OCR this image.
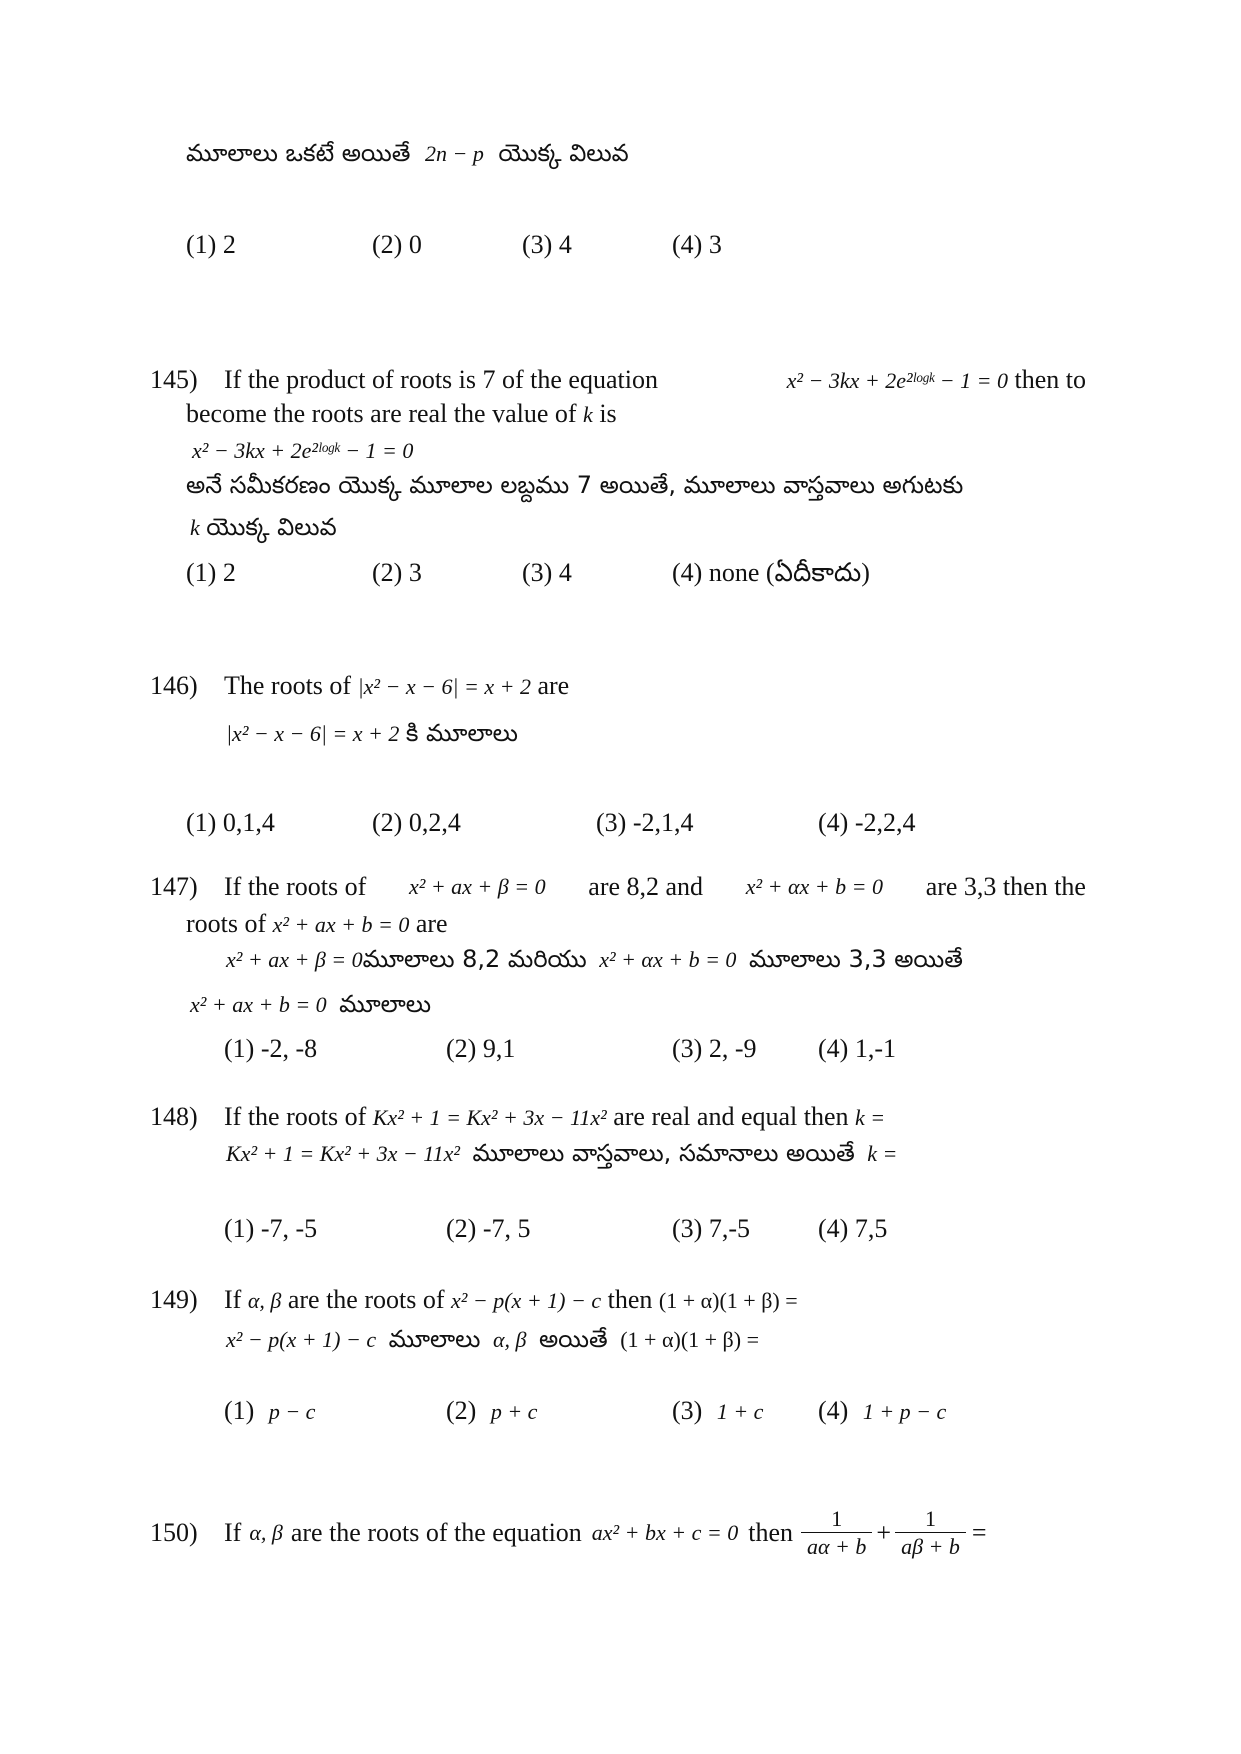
మూలాలు ఒకటే అయితే 2n − p యొక్క విలువ
(1) 2	(2) 0	(3) 4	(4) 3
145) If the product of roots is 7 of the equation	x² − 3kx + 2e²ˡᵒᵍᵏ − 1 = 0 then to
become the roots are real the value of k is
x² − 3kx + 2e²ˡᵒᵍᵏ − 1 = 0
అనే సమీకరణం యొక్క మూలాల లబ్దము 7 అయితే, మూలాలు వాస్తవాలు అగుటకు
k యొక్క విలువ
(1) 2	(2) 3	(3) 4	(4) none (ఏదీకాదు)
146) The roots of |x² − x − 6| = x + 2 are
|x² − x − 6| = x + 2 కి మూలాలు
(1) 0,1,4	(2) 0,2,4	(3) -2,1,4	(4) -2,2,4
147) If the roots of x² + ax + β = 0 are 8,2 and x² + αx + b = 0 are 3,3 then the
roots of x² + ax + b = 0 are
x² + ax + β = 0మూలాలు 8,2 మరియు x² + αx + b = 0 మూలాలు 3,3 అయితే
x² + ax + b = 0 మూలాలు
(1) -2, -8	(2) 9,1	(3) 2, -9 (4) 1,-1
148) If the roots of Kx² + 1 = Kx² + 3x − 11x² are real and equal then k =
Kx² + 1 = Kx² + 3x − 11x² మూలాలు వాస్తవాలు, సమానాలు అయితే k =
(1) -7, -5	(2) -7, 5	(3) 7,-5	(4) 7,5
149) If α, β are the roots of x² − p(x + 1) − c then (1 + α)(1 + β) =
x² − p(x + 1) − c మూలాలు α, β అయితే (1 + α)(1 + β) =
(1) p − c	(2) p + c	(3) 1 + c (4) 1 + p − c
150) If α, β are the roots of the equation ax² + bx + c = 0 then $\frac{1}{a\alpha + b} + \frac{1}{a\beta + b}$ =
